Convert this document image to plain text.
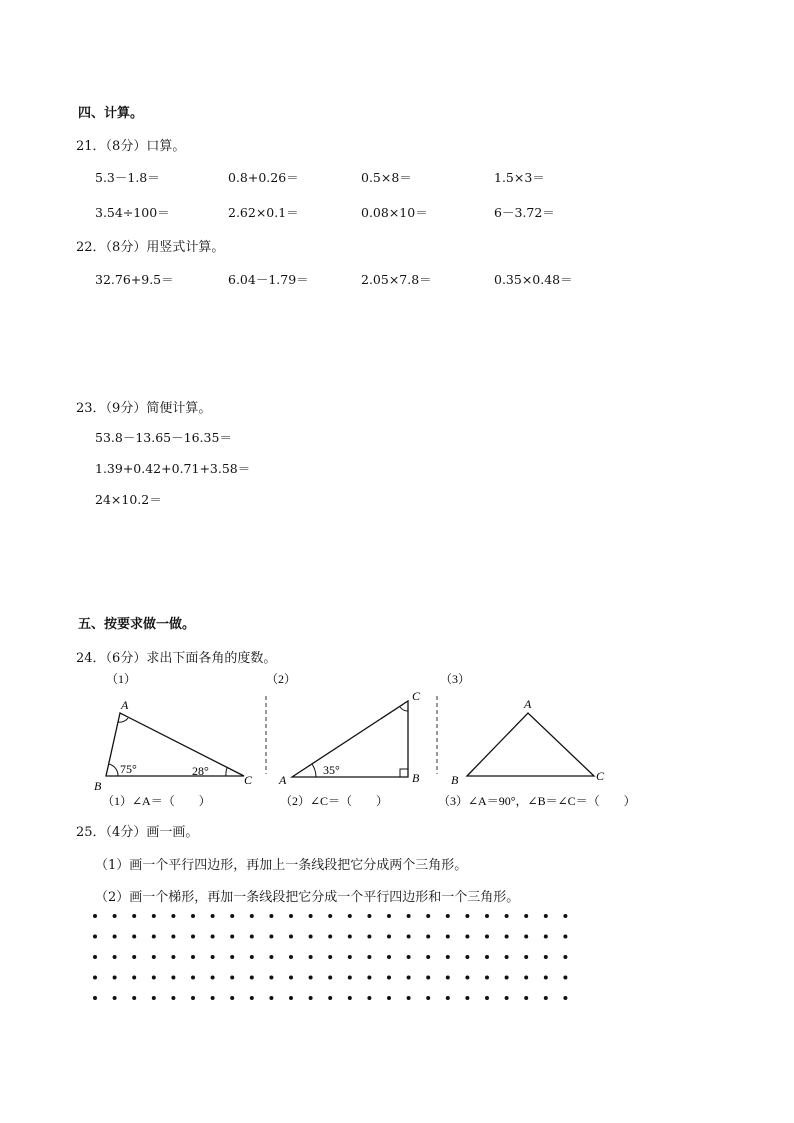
四、计算。
21．（8分）口算。
5.3－1.8＝	0.8+0.26＝	0.5×8＝	1.5×3＝
3.54÷100＝	2.62×0.1＝	0.08×10＝	6－3.72＝
22．（8分）用竖式计算。
32.76+9.5＝	6.04－1.79＝	2.05×7.8＝	0.35×0.48＝
23．（9分）简便计算。
53.8－13.65－16.35＝
1.39+0.42+0.71+3.58＝
24×10.2＝
五、按要求做一做。
24．（6分）求出下面各角的度数。
（1）	（2）	（3）
A
B	C
75°	28°
A	B
C
35°
A
B	C
（1）∠A＝（　　）	（2）∠C＝（　　）	（3）∠A＝90°，∠B＝∠C＝（　　）
25．（4分）画一画。
（1）画一个平行四边形，再加上一条线段把它分成两个三角形。
（2）画一个梯形，再加一条线段把它分成一个平行四边形和一个三角形。
